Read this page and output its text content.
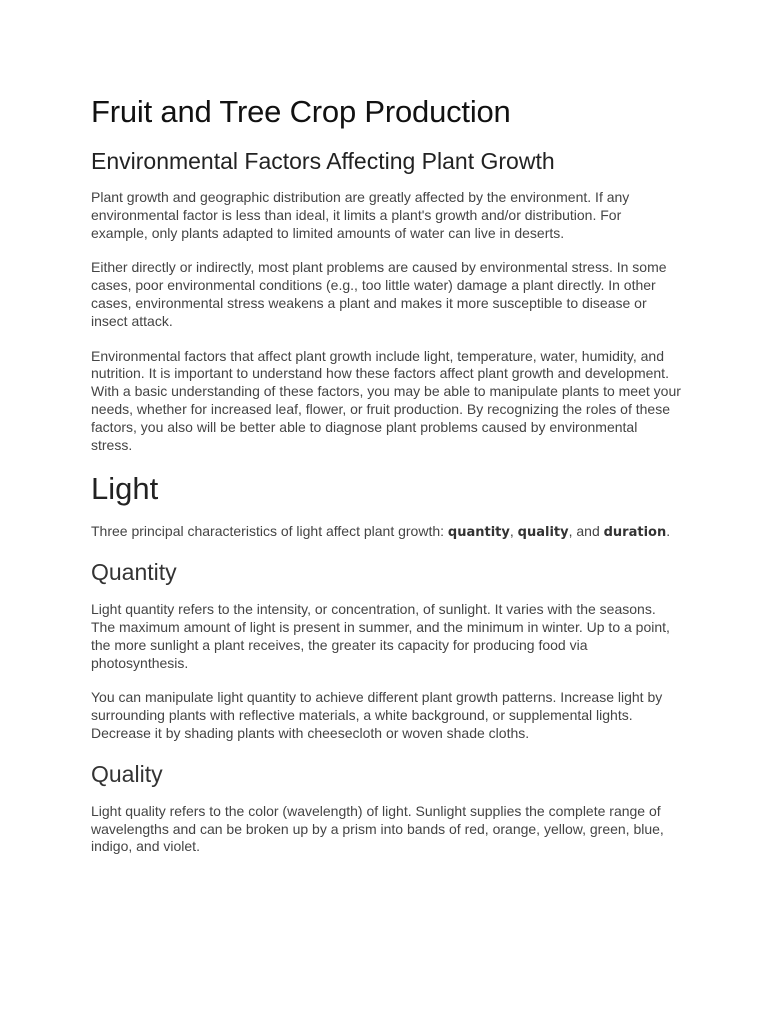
Fruit and Tree Crop Production
Environmental Factors Affecting Plant Growth

Plant growth and geographic distribution are greatly affected by the environment. If any environmental factor is less than ideal, it limits a plant's growth and/or distribution. For example, only plants adapted to limited amounts of water can live in deserts.

Either directly or indirectly, most plant problems are caused by environmental stress. In some cases, poor environmental conditions (e.g., too little water) damage a plant directly. In other cases, environmental stress weakens a plant and makes it more susceptible to disease or insect attack.

Environmental factors that affect plant growth include light, temperature, water, humidity, and nutrition. It is important to understand how these factors affect plant growth and development. With a basic understanding of these factors, you may be able to manipulate plants to meet your needs, whether for increased leaf, flower, or fruit production. By recognizing the roles of these factors, you also will be better able to diagnose plant problems caused by environmental stress.

Light

Three principal characteristics of light affect plant growth: quantity, quality, and duration.

Quantity

Light quantity refers to the intensity, or concentration, of sunlight. It varies with the seasons. The maximum amount of light is present in summer, and the minimum in winter. Up to a point, the more sunlight a plant receives, the greater its capacity for producing food via photosynthesis.

You can manipulate light quantity to achieve different plant growth patterns. Increase light by surrounding plants with reflective materials, a white background, or supplemental lights. Decrease it by shading plants with cheesecloth or woven shade cloths.

Quality

Light quality refers to the color (wavelength) of light. Sunlight supplies the complete range of wavelengths and can be broken up by a prism into bands of red, orange, yellow, green, blue, indigo, and violet.
